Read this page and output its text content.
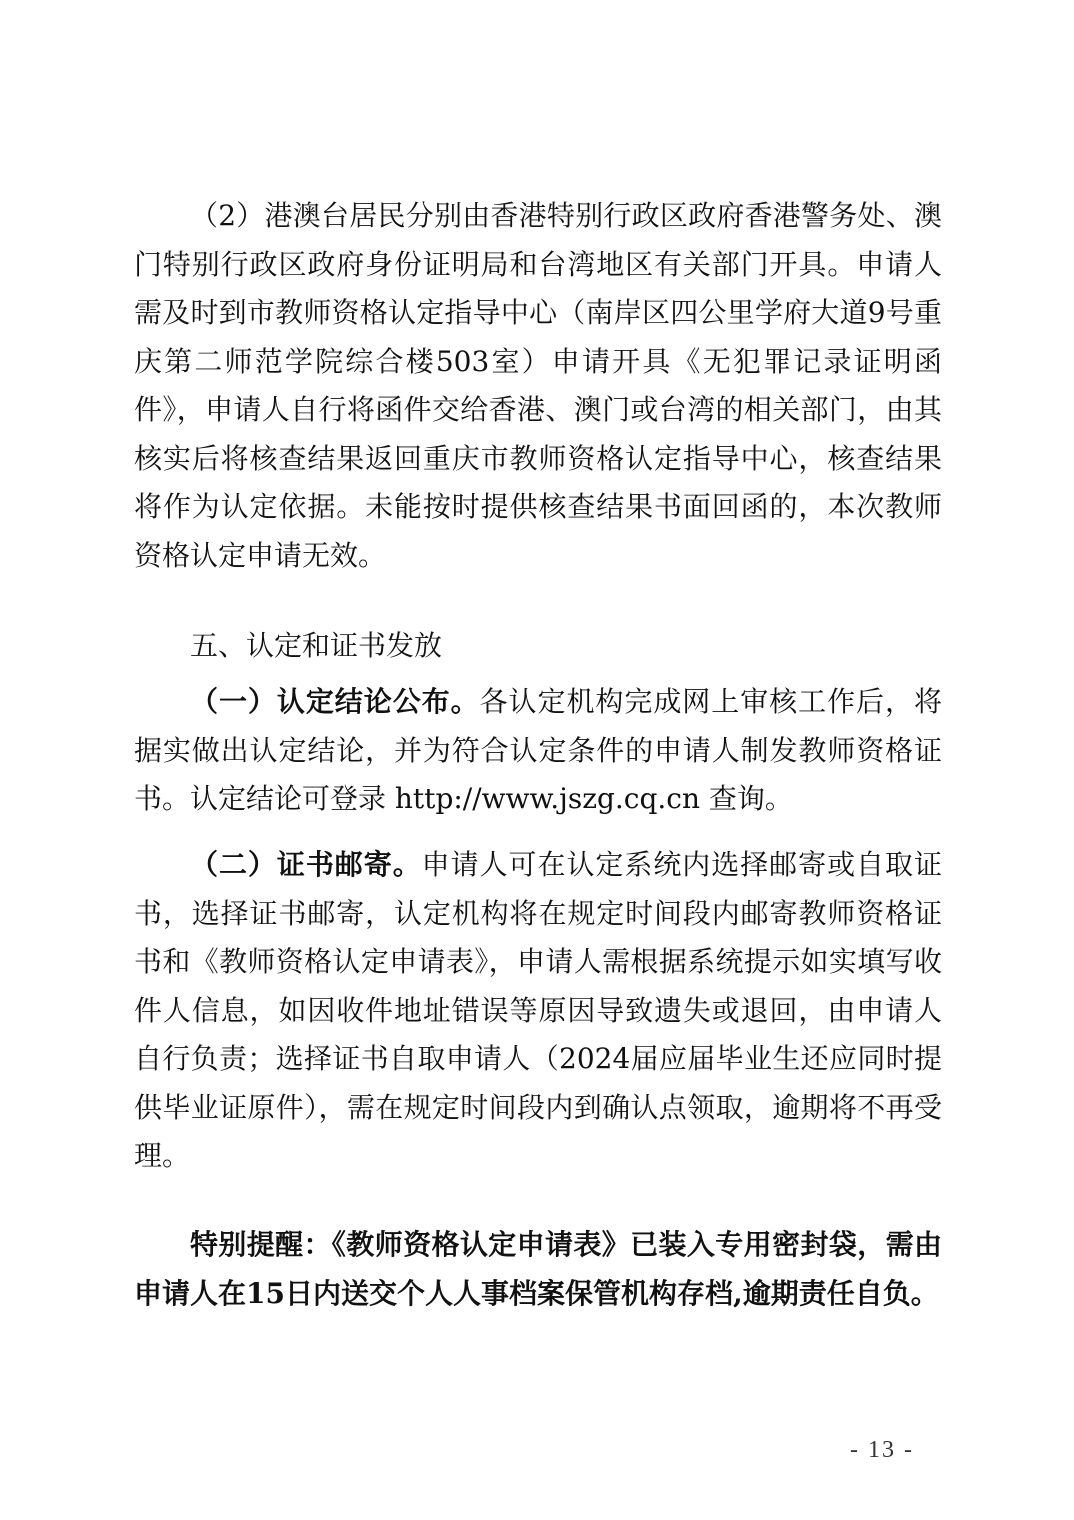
（2）港澳台居民分别由香港特别行政区政府香港警务处、澳门特别行政区政府身份证明局和台湾地区有关部门开具。申请人需及时到市教师资格认定指导中心（南岸区四公里学府大道9号重庆第二师范学院综合楼503室）申请开具《无犯罪记录证明函件》，申请人自行将函件交给香港、澳门或台湾的相关部门，由其核实后将核查结果返回重庆市教师资格认定指导中心，核查结果将作为认定依据。未能按时提供核查结果书面回函的，本次教师资格认定申请无效。

五、认定和证书发放

（一）认定结论公布。各认定机构完成网上审核工作后，将据实做出认定结论，并为符合认定条件的申请人制发教师资格证书。认定结论可登录 http://www.jszg.cq.cn 查询。

（二）证书邮寄。申请人可在认定系统内选择邮寄或自取证书，选择证书邮寄，认定机构将在规定时间段内邮寄教师资格证书和《教师资格认定申请表》，申请人需根据系统提示如实填写收件人信息，如因收件地址错误等原因导致遗失或退回，由申请人自行负责；选择证书自取申请人（2024届应届毕业生还应同时提供毕业证原件），需在规定时间段内到确认点领取，逾期将不再受理。

特别提醒：《教师资格认定申请表》已装入专用密封袋，需由申请人在15日内送交个人人事档案保管机构存档,逾期责任自负。

- 13 -
